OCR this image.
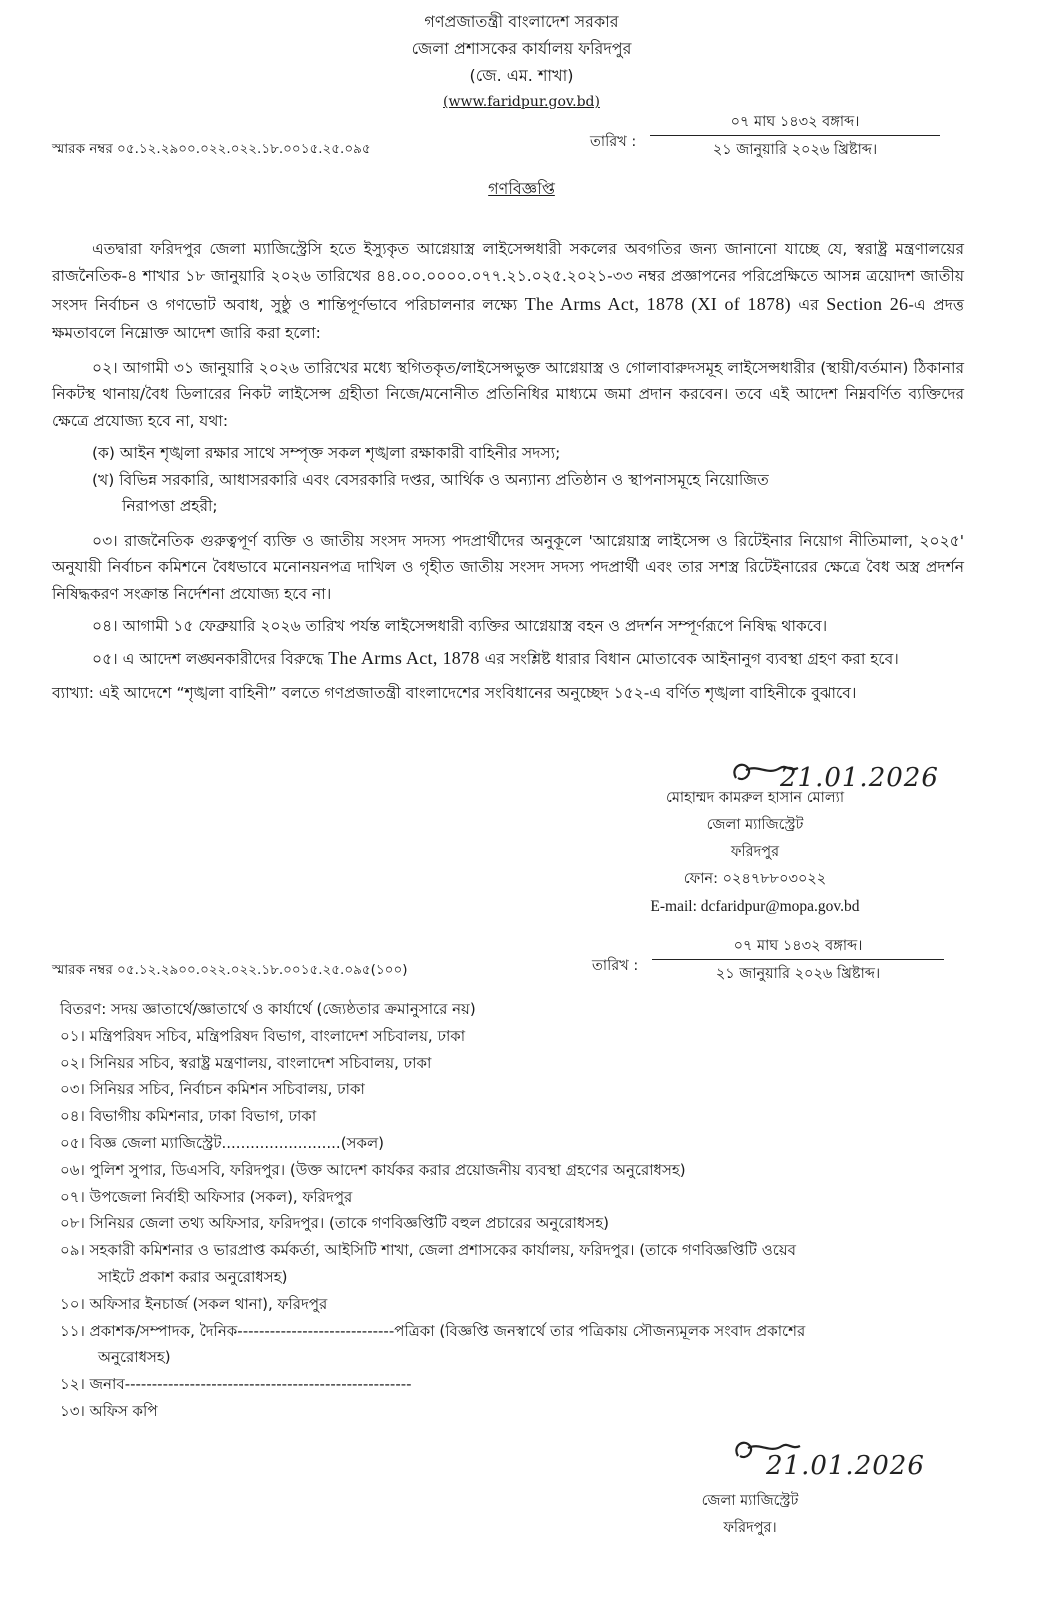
গণপ্রজাতন্ত্রী বাংলাদেশ সরকার
জেলা প্রশাসকের কার্যালয় ফরিদপুর
(জে. এম. শাখা)
(www.faridpur.gov.bd)
স্মারক নম্বর ০৫.১২.২৯০০.০২২.০২২.১৮.০০১৫.২৫.০৯৫	তারিখ :
০৭ মাঘ ১৪৩২ বঙ্গাব্দ।
২১ জানুয়ারি ২০২৬ খ্রিষ্টাব্দ।
গণবিজ্ঞপ্তি

এতদ্বারা ফরিদপুর জেলা ম্যাজিস্ট্রেসি হতে ইস্যুকৃত আগ্নেয়াস্ত্র লাইসেন্সধারী সকলের অবগতির জন্য জানানো যাচ্ছে যে, স্বরাষ্ট্র মন্ত্রণালয়ের রাজনৈতিক-৪ শাখার ১৮ জানুয়ারি ২০২৬ তারিখের ৪৪.০০.০০০০.০৭৭.২১.০২৫.২০২১-৩৩ নম্বর প্রজ্ঞাপনের পরিপ্রেক্ষিতে আসন্ন ত্রয়োদশ জাতীয় সংসদ নির্বাচন ও গণভোট অবাধ, সুষ্ঠু ও শান্তিপূর্ণভাবে পরিচালনার লক্ষ্যে The Arms Act, 1878 (XI of 1878) এর Section 26-এ প্রদত্ত ক্ষমতাবলে নিম্নোক্ত আদেশ জারি করা হলো:

০২। আগামী ৩১ জানুয়ারি ২০২৬ তারিখের মধ্যে স্থগিতকৃত/লাইসেন্সভুক্ত আগ্নেয়াস্ত্র ও গোলাবারুদসমূহ লাইসেন্সধারীর (স্থায়ী/বর্তমান) ঠিকানার নিকটস্থ থানায়/বৈধ ডিলারের নিকট লাইসেন্স গ্রহীতা নিজে/মনোনীত প্রতিনিধির মাধ্যমে জমা প্রদান করবেন। তবে এই আদেশ নিম্নবর্ণিত ব্যক্তিদের ক্ষেত্রে প্রযোজ্য হবে না, যথা:

(ক) আইন শৃঙ্খলা রক্ষার সাথে সম্পৃক্ত সকল শৃঙ্খলা রক্ষাকারী বাহিনীর সদস্য;
(খ) বিভিন্ন সরকারি, আধাসরকারি এবং বেসরকারি দপ্তর, আর্থিক ও অন্যান্য প্রতিষ্ঠান ও স্থাপনাসমূহে নিয়োজিত
নিরাপত্তা প্রহরী;

০৩। রাজনৈতিক গুরুত্বপূর্ণ ব্যক্তি ও জাতীয় সংসদ সদস্য পদপ্রার্থীদের অনুকূলে 'আগ্নেয়াস্ত্র লাইসেন্স ও রিটেইনার নিয়োগ নীতিমালা, ২০২৫' অনুযায়ী নির্বাচন কমিশনে বৈধভাবে মনোনয়নপত্র দাখিল ও গৃহীত জাতীয় সংসদ সদস্য পদপ্রার্থী এবং তার সশস্ত্র রিটেইনারের ক্ষেত্রে বৈধ অস্ত্র প্রদর্শন নিষিদ্ধকরণ সংক্রান্ত নির্দেশনা প্রযোজ্য হবে না।

০৪। আগামী ১৫ ফেব্রুয়ারি ২০২৬ তারিখ পর্যন্ত লাইসেন্সধারী ব্যক্তির আগ্নেয়াস্ত্র বহন ও প্রদর্শন সম্পূর্ণরূপে নিষিদ্ধ থাকবে।

০৫। এ আদেশ লঙ্ঘনকারীদের বিরুদ্ধে The Arms Act, 1878 এর সংশ্লিষ্ট ধারার বিধান মোতাবেক আইনানুগ ব্যবস্থা গ্রহণ করা হবে।

ব্যাখ্যা: এই আদেশে “শৃঙ্খলা বাহিনী” বলতে গণপ্রজাতন্ত্রী বাংলাদেশের সংবিধানের অনুচ্ছেদ ১৫২-এ বর্ণিত শৃঙ্খলা বাহিনীকে বুঝাবে।

21.01.2026
মোহাম্মদ কামরুল হাসান মোল্যা
জেলা ম্যাজিস্ট্রেট
ফরিদপুর
ফোন: ০২৪৭৮৮০৩০২২
E-mail: dcfaridpur@mopa.gov.bd
স্মারক নম্বর ০৫.১২.২৯০০.০২২.০২২.১৮.০০১৫.২৫.০৯৫(১০০)	তারিখ :
০৭ মাঘ ১৪৩২ বঙ্গাব্দ।
২১ জানুয়ারি ২০২৬ খ্রিষ্টাব্দ।
বিতরণ: সদয় জ্ঞাতার্থে/জ্ঞাতার্থে ও কার্যার্থে (জ্যেষ্ঠতার ক্রমানুসারে নয়)
০১। মন্ত্রিপরিষদ সচিব, মন্ত্রিপরিষদ বিভাগ, বাংলাদেশ সচিবালয়, ঢাকা
০২। সিনিয়র সচিব, স্বরাষ্ট্র মন্ত্রণালয়, বাংলাদেশ সচিবালয়, ঢাকা
০৩। সিনিয়র সচিব, নির্বাচন কমিশন সচিবালয়, ঢাকা
০৪। বিভাগীয় কমিশনার, ঢাকা বিভাগ, ঢাকা
০৫। বিজ্ঞ জেলা ম্যাজিস্ট্রেট.........................(সকল)
০৬। পুলিশ সুপার, ডিএসবি, ফরিদপুর। (উক্ত আদেশ কার্যকর করার প্রয়োজনীয় ব্যবস্থা গ্রহণের অনুরোধসহ)
০৭। উপজেলা নির্বাহী অফিসার (সকল), ফরিদপুর
০৮। সিনিয়র জেলা তথ্য অফিসার, ফরিদপুর। (তাকে গণবিজ্ঞপ্তিটি বহুল প্রচারের অনুরোধসহ)
০৯। সহকারী কমিশনার ও ভারপ্রাপ্ত কর্মকর্তা, আইসিটি শাখা, জেলা প্রশাসকের কার্যালয়, ফরিদপুর। (তাকে গণবিজ্ঞপ্তিটি ওয়েব
সাইটে প্রকাশ করার অনুরোধসহ)
১০। অফিসার ইনচার্জ (সকল থানা), ফরিদপুর
১১। প্রকাশক/সম্পাদক, দৈনিক-----------------------------পত্রিকা (বিজ্ঞপ্তি জনস্বার্থে তার পত্রিকায় সৌজন্যমূলক সংবাদ প্রকাশের
অনুরোধসহ)
১২। জনাব-----------------------------------------------------
১৩। অফিস কপি
21.01.2026
জেলা ম্যাজিস্ট্রেট
ফরিদপুর।
